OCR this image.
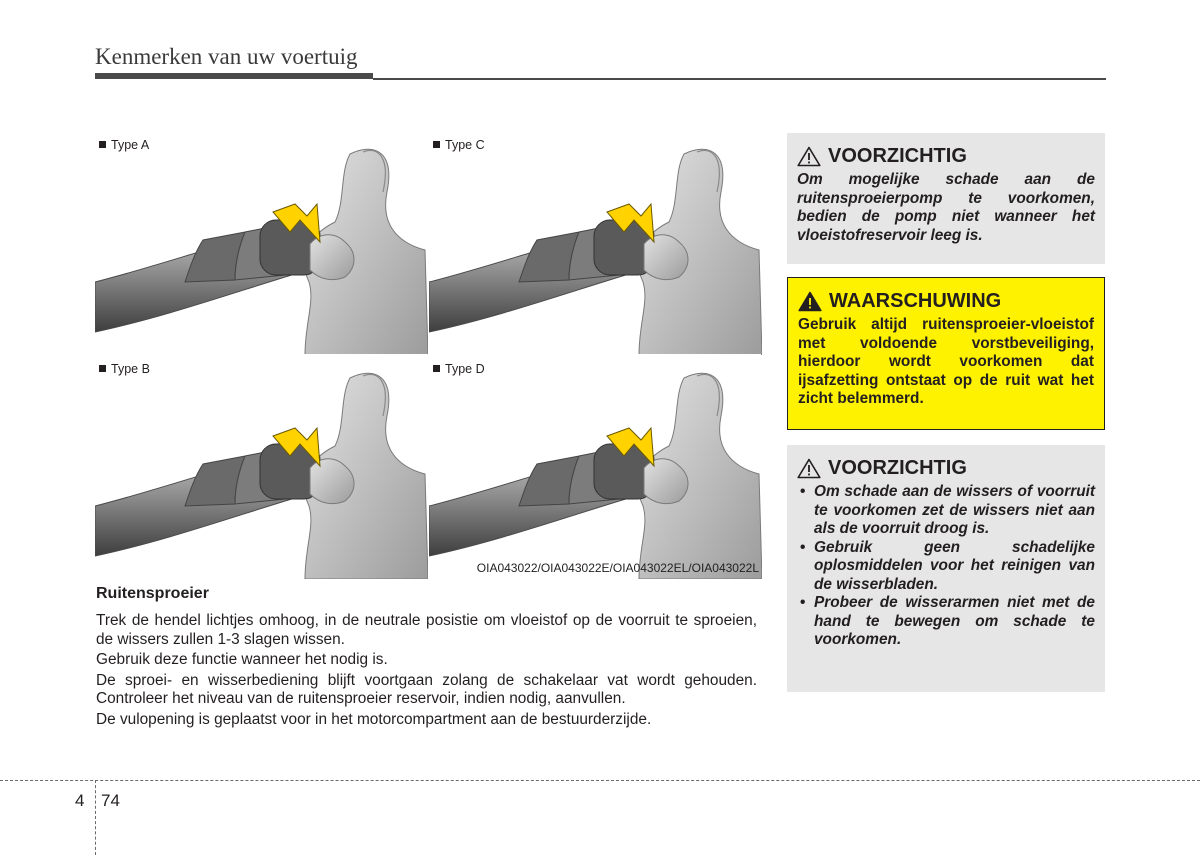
Kenmerken van uw voertuig
Type A	Type C
Type B	Type D
OIA043022/OIA043022E/OIA043022EL/OIA043022L
Ruitensproeier

Trek de hendel lichtjes omhoog, in de neutrale posistie om vloeistof op de voorruit te sproeien, de wissers zullen 1-3 slagen wissen.

Gebruik deze functie wanneer het nodig is.

De sproei- en wisserbediening blijft voortgaan zolang de schakelaar vat wordt gehouden. Controleer het niveau van de ruitensproeier reservoir, indien nodig, aanvullen.

De vulopening is geplaatst voor in het motorcompartment aan de bestuurderzijde.

VOORZICHTIG
Om mogelijke schade aan de ruitensproeierpomp te voorkomen, bedien de pomp niet wanneer het vloeistofreservoir leeg is.
WAARSCHUWING
Gebruik altijd ruitensproeier-vloeistof met voldoende vorstbeveiliging, hierdoor wordt voorkomen dat ijsafzetting ontstaat op de ruit wat het zicht belemmerd.
VOORZICHTIG
• Om schade aan de wissers of voorruit te voorkomen zet de wissers niet aan als de voorruit droog is.
• Gebruik geen schadelijke oplosmiddelen voor het reinigen van de wisserbladen.
• Probeer de wisserarmen niet met de hand te bewegen om schade te voorkomen.
4 74
